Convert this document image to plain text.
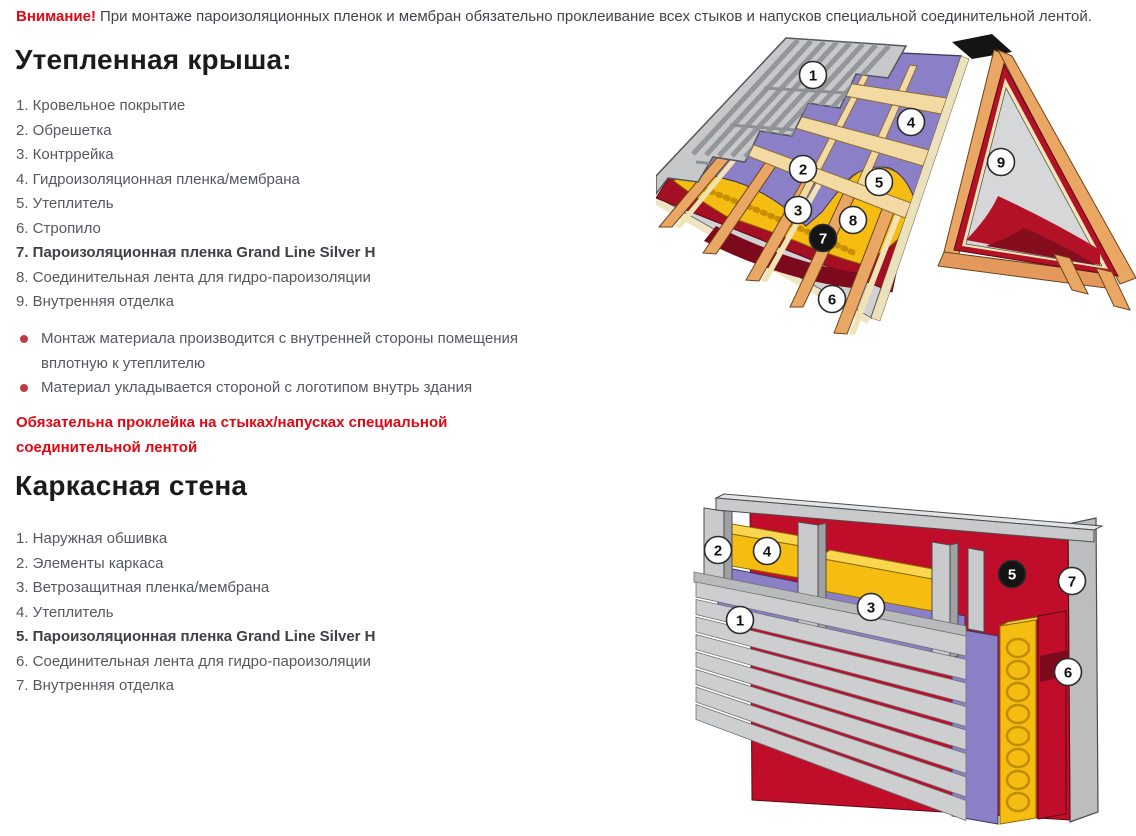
Внимание! При монтаже пароизоляционных пленок и мембран обязательно проклеивание всех стыков и напусков специальной соединительной лентой.

Утепленная крыша:
1. Кровельное покрытие
2. Обрешетка
3. Контррейка
4. Гидроизоляционная пленка/мембрана
5. Утеплитель
6. Стропило
7. Пароизоляционная пленка Grand Line Silver H
8. Соединительная лента для гидро-пароизоляции
9. Внутренняя отделка
Монтаж материала производится с внутренней стороны помещения вплотную к утеплителю
Материал укладывается стороной с логотипом внутрь здания

Обязательна проклейка на стыках/напусках специальной соединительной лентой

Каркасная стена
1. Наружная обшивка
2. Элементы каркаса
3. Ветрозащитная пленка/мембрана
4. Утеплитель
5. Пароизоляционная пленка Grand Line Silver H
6. Соединительная лента для гидро-пароизоляции
7. Внутренняя отделка
1
4
2
5
3
8
7
6
9
2	4
1
3
5	7
6
